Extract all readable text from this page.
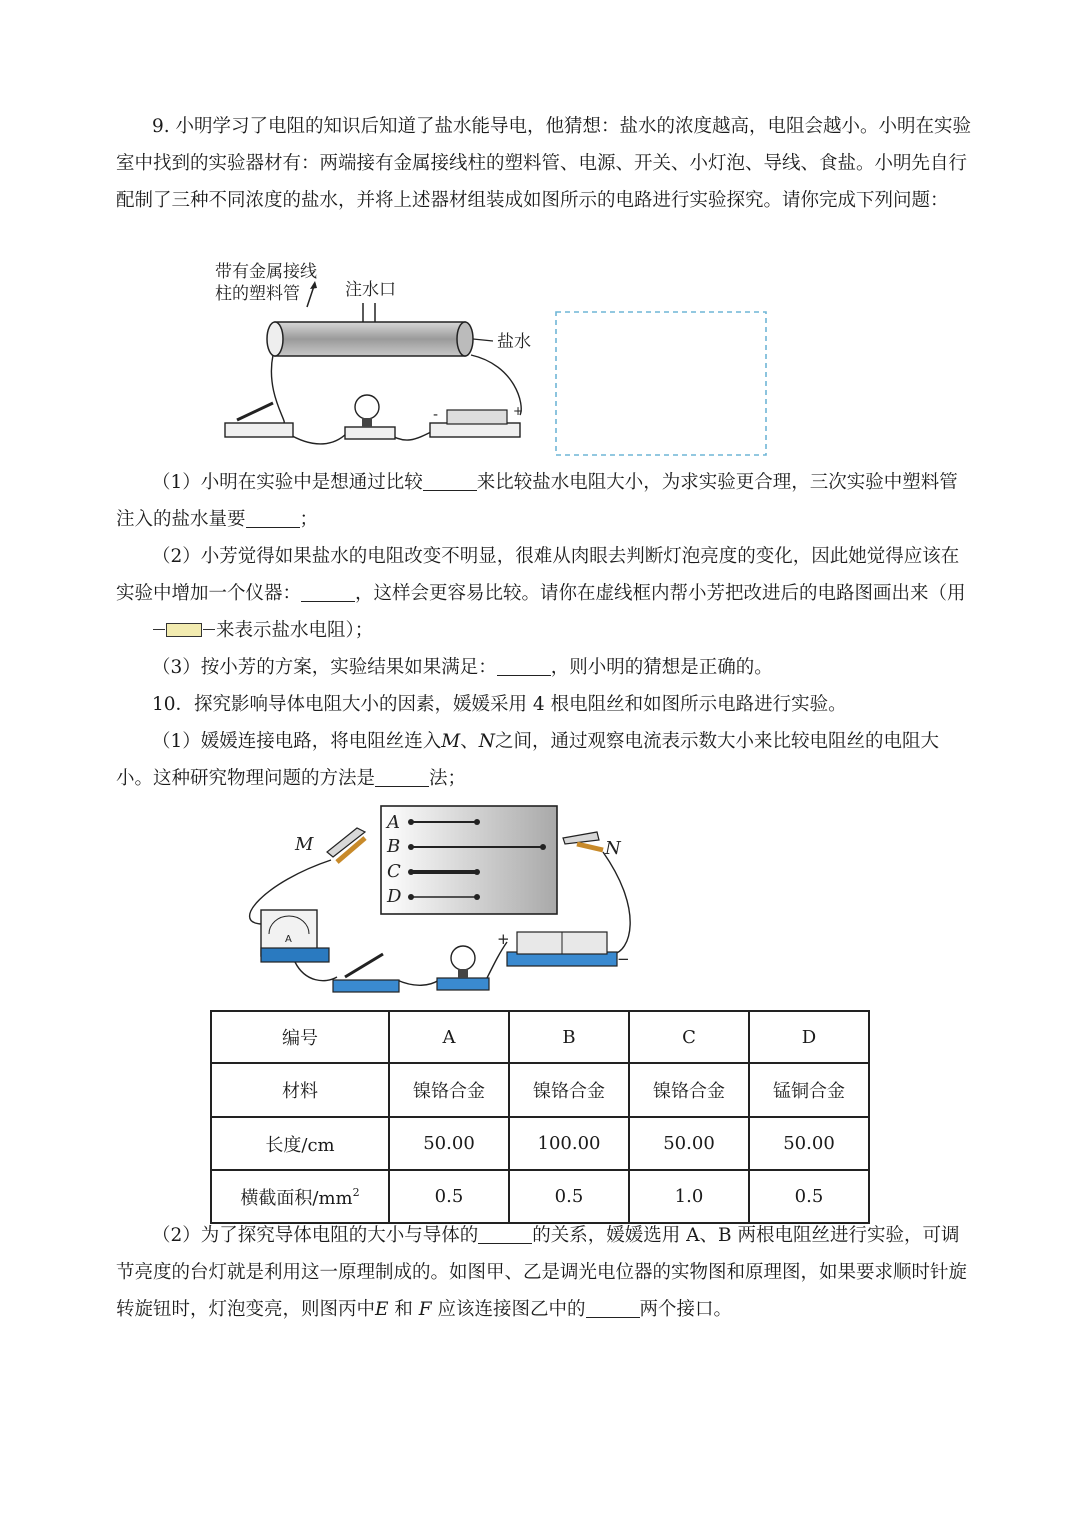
9. 小明学习了电阻的知识后知道了盐水能导电，他猜想：盐水的浓度越高，电阻会越小。小明在实验室中找到的实验器材有：两端接有金属接线柱的塑料管、电源、开关、小灯泡、导线、食盐。小明先自行配制了三种不同浓度的盐水，并将上述器材组装成如图所示的电路进行实验探究。请你完成下列问题：
带有金属接线
柱的塑料管	注水口
盐水
-	+
（1）小明在实验中是想通过比较	来比较盐水电阻大小，为求实验更合理，三次实验中塑料管注入的盐水量要	；
（2）小芳觉得如果盐水的电阻改变不明显，很难从肉眼去判断灯泡亮度的变化，因此她觉得应该在实验中增加一个仪器：	，这样会更容易比较。请你在虚线框内帮小芳把改进后的电路图画出来（用来表示盐水电阻）；
（3）按小芳的方案，实验结果如果满足：	，则小明的猜想是正确的。
10．探究影响导体电阻大小的因素，媛媛采用 4 根电阻丝和如图所示电路进行实验。
（1）媛媛连接电路，将电阻丝连入M、N之间，通过观察电流表示数大小来比较电阻丝的电阻大小。这种研究物理问题的方法是	法；
A
B
C
D
M	N
A	+
−
编号	A	B	C	D
材料	镍铬合金	镍铬合金	镍铬合金	锰铜合金
长度/cm	50.00	100.00	50.00	50.00
横截面积$/mm^2$	0.5	0.5	1.0	0.5
（2）为了探究导体电阻的大小与导体的	的关系，媛媛选用 A、B 两根电阻丝进行实验，可调节亮度的台灯就是利用这一原理制成的。如图甲、乙是调光电位器的实物图和原理图，如果要求顺时针旋转旋钮时，灯泡变亮，则图丙中E 和 F 应该连接图乙中的	两个接口。
